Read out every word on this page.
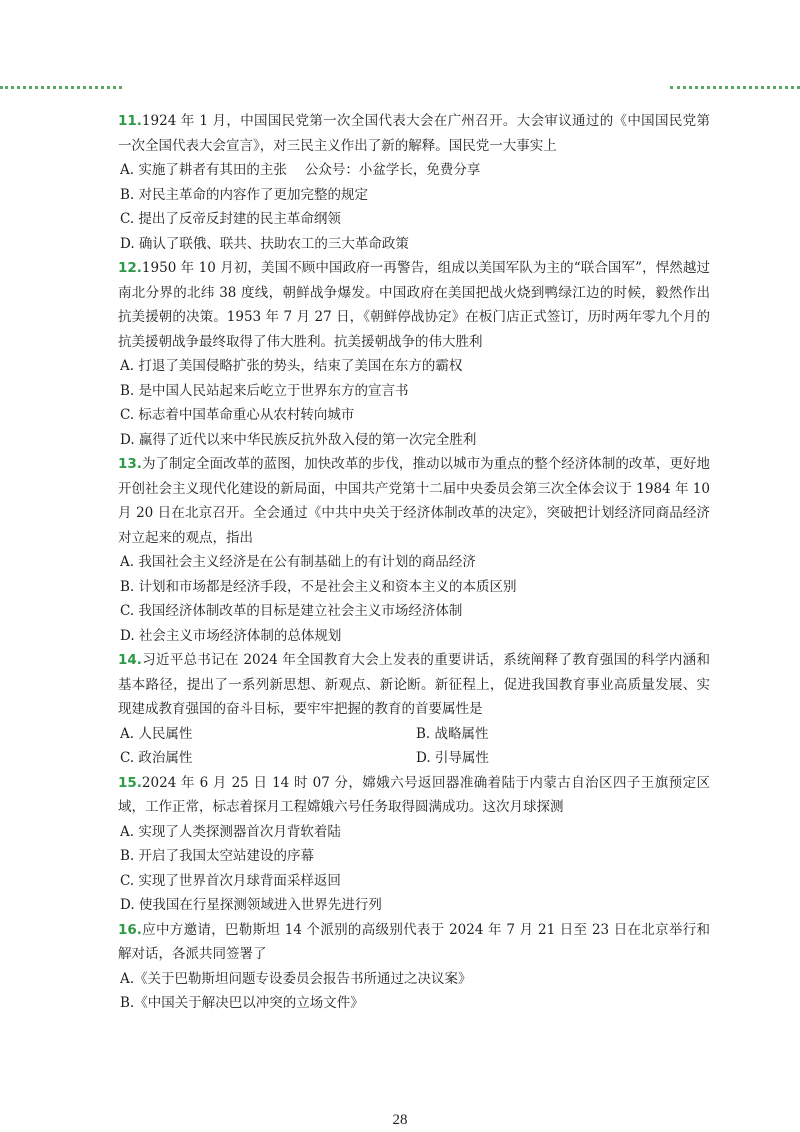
11.1924 年 1 月，中国国民党第一次全国代表大会在广州召开。大会审议通过的《中国国民党第一次全国代表大会宣言》，对三民主义作出了新的解释。国民党一大事实上
A. 实施了耕者有其田的主张 公众号：小盆学长，免费分享
B. 对民主革命的内容作了更加完整的规定
C. 提出了反帝反封建的民主革命纲领
D. 确认了联俄、联共、扶助农工的三大革命政策
12.1950 年 10 月初，美国不顾中国政府一再警告，组成以美国军队为主的“联合国军”，悍然越过南北分界的北纬 38 度线，朝鲜战争爆发。中国政府在美国把战火烧到鸭绿江边的时候，毅然作出抗美援朝的决策。1953 年 7 月 27 日，《朝鲜停战协定》在板门店正式签订，历时两年零九个月的抗美援朝战争最终取得了伟大胜利。抗美援朝战争的伟大胜利
A. 打退了美国侵略扩张的势头，结束了美国在东方的霸权
B. 是中国人民站起来后屹立于世界东方的宣言书
C. 标志着中国革命重心从农村转向城市
D. 赢得了近代以来中华民族反抗外敌入侵的第一次完全胜利
13.为了制定全面改革的蓝图，加快改革的步伐，推动以城市为重点的整个经济体制的改革，更好地开创社会主义现代化建设的新局面，中国共产党第十二届中央委员会第三次全体会议于 1984 年 10 月 20 日在北京召开。全会通过《中共中央关于经济体制改革的决定》，突破把计划经济同商品经济对立起来的观点，指出
A. 我国社会主义经济是在公有制基础上的有计划的商品经济
B. 计划和市场都是经济手段，不是社会主义和资本主义的本质区别
C. 我国经济体制改革的目标是建立社会主义市场经济体制
D. 社会主义市场经济体制的总体规划
14.习近平总书记在 2024 年全国教育大会上发表的重要讲话，系统阐释了教育强国的科学内涵和基本路径，提出了一系列新思想、新观点、新论断。新征程上，促进我国教育事业高质量发展、实现建成教育强国的奋斗目标，要牢牢把握的教育的首要属性是
A. 人民属性	B. 战略属性
C. 政治属性	D. 引导属性
15.2024 年 6 月 25 日 14 时 07 分，嫦娥六号返回器准确着陆于内蒙古自治区四子王旗预定区域，工作正常，标志着探月工程嫦娥六号任务取得圆满成功。这次月球探测
A. 实现了人类探测器首次月背软着陆
B. 开启了我国太空站建设的序幕
C. 实现了世界首次月球背面采样返回
D. 使我国在行星探测领域进入世界先进行列
16.应中方邀请，巴勒斯坦 14 个派别的高级别代表于 2024 年 7 月 21 日至 23 日在北京举行和解对话，各派共同签署了
A.《关于巴勒斯坦问题专设委员会报告书所通过之决议案》
B.《中国关于解决巴以冲突的立场文件》
28
